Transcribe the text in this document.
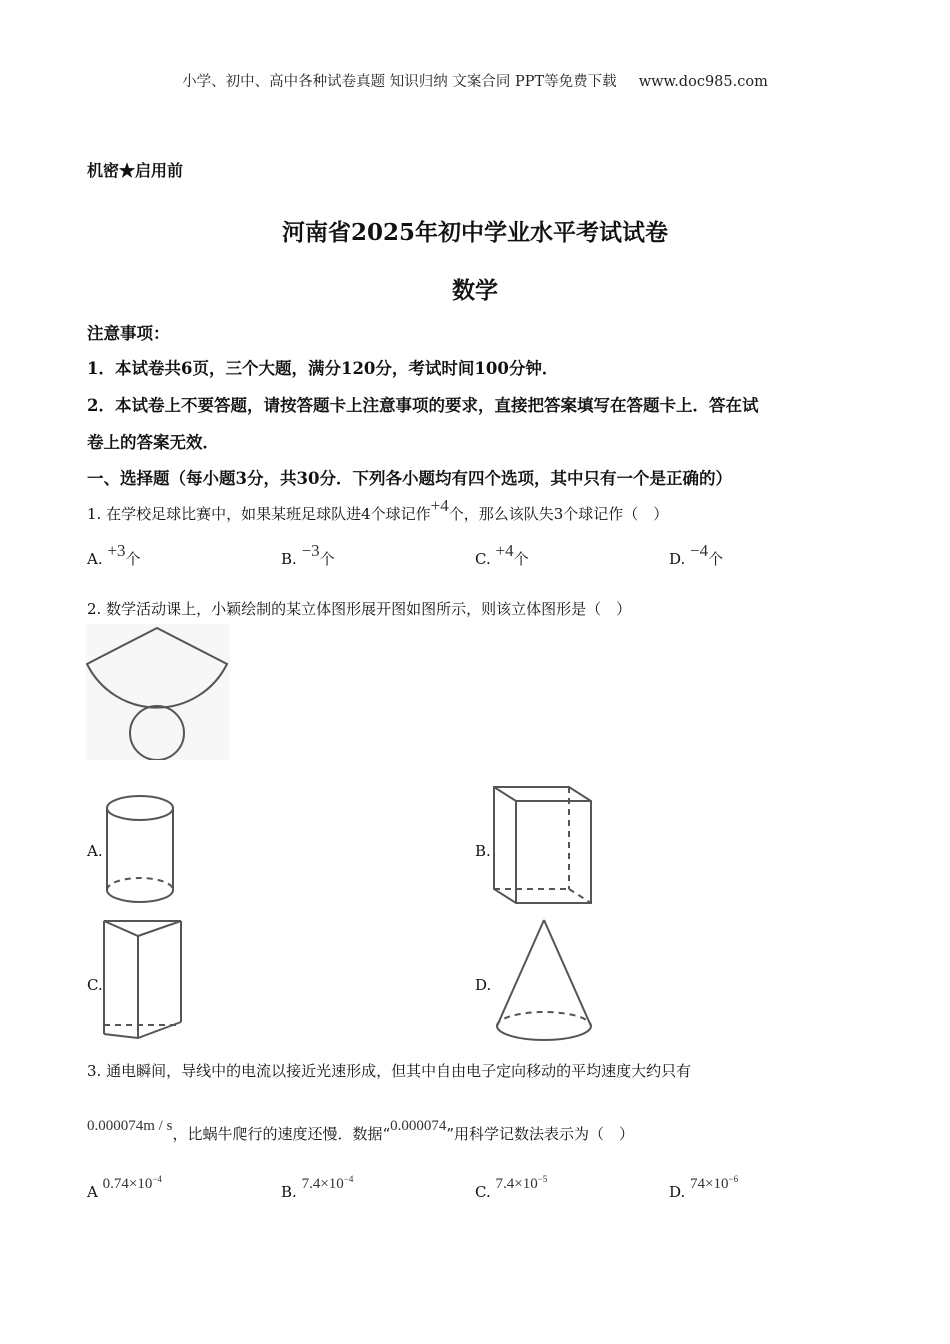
小学、初中、高中各种试卷真题 知识归纳 文案合同 PPT等免费下载 www.doc985.com
机密★启用前
河南省2025年初中学业水平考试试卷
数学
注意事项：
1．本试卷共6页，三个大题，满分120分，考试时间100分钟．
2．本试卷上不要答题，请按答题卡上注意事项的要求，直接把答案填写在答题卡上．答在试
卷上的答案无效．
一、选择题（每小题3分，共30分．下列各小题均有四个选项，其中只有一个是正确的）
1. 在学校足球比赛中，如果某班足球队进4个球记作+4个，那么该队失3个球记作（　）
A. +3个	B. −3个	C. +4个	D. −4个
2. 数学活动课上，小颖绘制的某立体图形展开图如图所示，则该立体图形是（　）
A.	B.
C.	D.
3. 通电瞬间，导线中的电流以接近光速形成，但其中自由电子定向移动的平均速度大约只有
0.000074m / s，比蜗牛爬行的速度还慢．数据“0.000074”用科学记数法表示为（　）
A $0.74\times 10^{-4}$
B. $7.4\times 10^{-4}$
C. $7.4\times 10^{-5}$
D. $74\times 10^{-6}$
